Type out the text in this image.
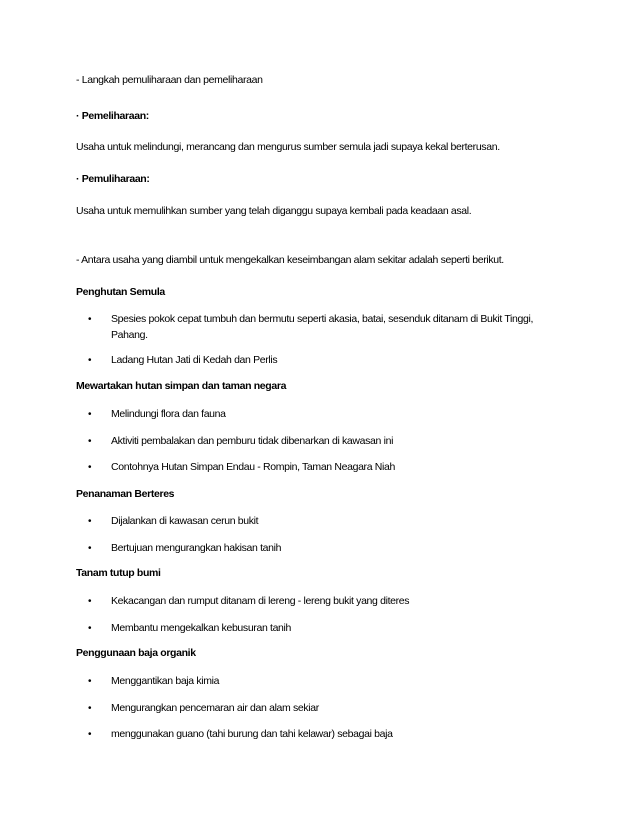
- Langkah pemuliharaan dan pemeliharaan
· Pemeliharaan:
Usaha untuk melindungi, merancang dan mengurus sumber semula jadi supaya kekal berterusan.
· Pemuliharaan:
Usaha untuk memulihkan sumber yang telah diganggu supaya kembali pada keadaan asal.
- Antara usaha yang diambil untuk mengekalkan keseimbangan alam sekitar adalah seperti berikut.
Penghutan Semula
• Spesies pokok cepat tumbuh dan bermutu seperti akasia, batai, sesenduk ditanam di Bukit Tinggi, Pahang.
• Ladang Hutan Jati di Kedah dan Perlis
Mewartakan hutan simpan dan taman negara
• Melindungi flora dan fauna
• Aktiviti pembalakan dan pemburu tidak dibenarkan di kawasan ini
• Contohnya Hutan Simpan Endau - Rompin, Taman Neagara Niah
Penanaman Berteres
• Dijalankan di kawasan cerun bukit
• Bertujuan mengurangkan hakisan tanih
Tanam tutup bumi
• Kekacangan dan rumput ditanam di lereng - lereng bukit yang diteres
• Membantu mengekalkan kebusuran tanih
Penggunaan baja organik
• Menggantikan baja kimia
• Mengurangkan pencemaran air dan alam sekiar
• menggunakan guano (tahi burung dan tahi kelawar) sebagai baja
